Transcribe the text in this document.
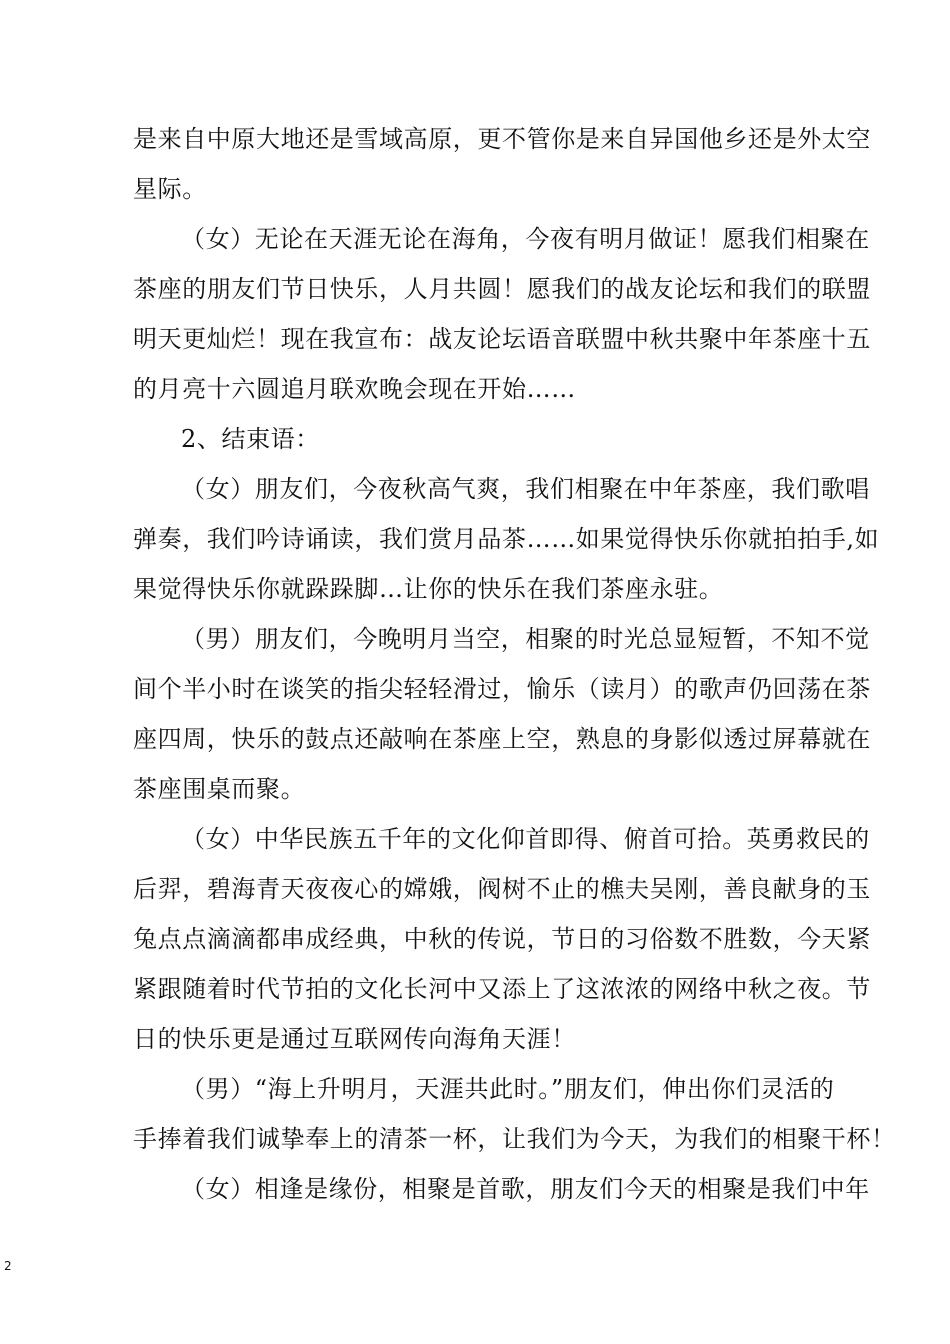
是来自中原大地还是雪域高原，更不管你是来自异国他乡还是外太空
星际。
（女）无论在天涯无论在海角，今夜有明月做证！愿我们相聚在
茶座的朋友们节日快乐，人月共圆！愿我们的战友论坛和我们的联盟
明天更灿烂！现在我宣布：战友论坛语音联盟中秋共聚中年茶座十五
的月亮十六圆追月联欢晚会现在开始……
2、结束语：
（女）朋友们，今夜秋高气爽，我们相聚在中年茶座，我们歌唱
弹奏，我们吟诗诵读，我们赏月品茶……如果觉得快乐你就拍拍手,如
果觉得快乐你就跺跺脚…让你的快乐在我们茶座永驻。
（男）朋友们，今晚明月当空，相聚的时光总显短暂，不知不觉
间个半小时在谈笑的指尖轻轻滑过，愉乐（读月）的歌声仍回荡在茶
座四周，快乐的鼓点还敲响在茶座上空，熟息的身影似透过屏幕就在
茶座围桌而聚。
（女）中华民族五千年的文化仰首即得、俯首可拾。英勇救民的
后羿，碧海青天夜夜心的嫦娥，阀树不止的樵夫吴刚，善良献身的玉
兔点点滴滴都串成经典，中秋的传说，节日的习俗数不胜数，今天紧
紧跟随着时代节拍的文化长河中又添上了这浓浓的网络中秋之夜。节
日的快乐更是通过互联网传向海角天涯！
（男）“海上升明月，天涯共此时。”朋友们，伸出你们灵活的
手捧着我们诚挚奉上的清茶一杯，让我们为今天，为我们的相聚干杯！
（女）相逢是缘份，相聚是首歌，朋友们今天的相聚是我们中年
2
